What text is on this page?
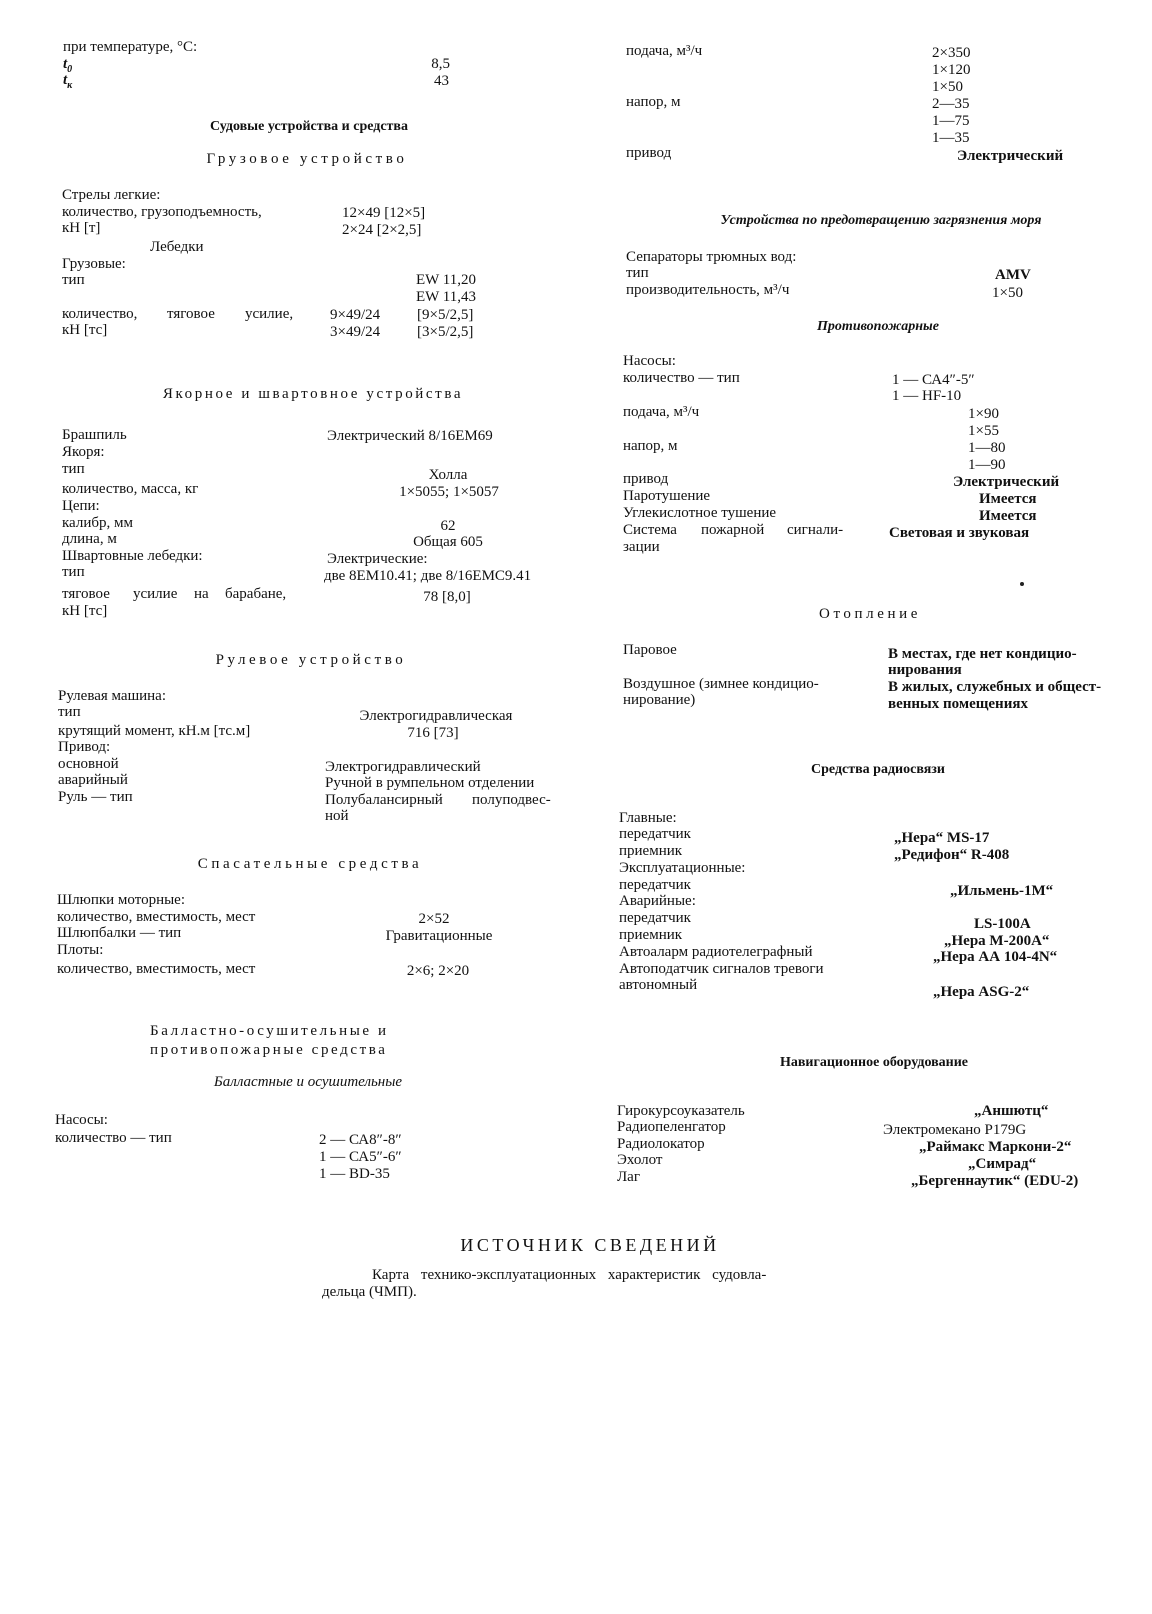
при температуре, °С:
$t_0$	8,5
$t_к$	43
Судовые устройства и средства
Грузовое устройство
Стрелы легкие:
количество, грузоподъемность,
кН [т]
12×49 [12×5]
2×24 [2×2,5]
Лебедки
Грузовые:
тип	EW 11,20
EW 11,43
количество, тяговое усилие,
кН [тс]
9×49/24 [9×5/2,5]
3×49/24 [3×5/2,5]
Якорное и швартовное устройства
Брашпиль	Электрический 8/16ЕМ69
Якоря:
тип	Холла
количество, масса, кг	1×5055; 1×5057
Цепи:
калибр, мм	62
длина, м	Общая 605
Швартовные лебедки:	Электрические:
тип	две 8ЕМ10.41; две 8/16ЕМС9.41
тяговое усилие на барабане,
кН [тс]
78 [8,0]
Рулевое устройство
Рулевая машина:
тип	Электрогидравлическая
крутящий момент, кН.м [тс.м]	716 [73]
Привод:
основной	Электрогидравлический
аварийный	Ручной в румпельном отделении
Руль — тип	Полубалансирный полуподвес-
ной
Спасательные средства
Шлюпки моторные:
количество, вместимость, мест	2×52
Шлюпбалки — тип	Гравитационные
Плоты:
количество, вместимость, мест	2×6; 2×20
Балластно-осушительные и
противопожарные средства
Балластные и осушительные
Насосы:
количество — тип	2 — СА8″-8″
1 — СА5″-6″
1 — BD-35
подача, м³/ч	2×350
1×120
1×50
напор, м	2—35
1—75
1—35
привод	Электрический
Устройства по предотвращению загрязнения моря
Сепараторы трюмных вод:
тип	AMV
производительность, м³/ч	1×50
Противопожарные
Насосы:
количество — тип	1 — СА4″-5″
1 — HF-10
подача, м³/ч	1×90
1×55
напор, м	1—80
1—90
привод	Электрический
Паротушение	Имеется
Углекислотное тушение	Имеется
Система пожарной сигнали-
зации
Световая и звуковая
Отопление
Паровое	В местах, где нет кондицио-
нирования
Воздушное (зимнее кондицио-
нирование)
В жилых, служебных и общест-
венных помещениях
Средства радиосвязи
Главные:
передатчик	„Нера“ MS-17
приемник	„Редифон“ R-408
Эксплуатационные:
передатчик	„Ильмень-1М“
Аварийные:
передатчик	LS-100A
приемник	„Нера М-200А“
Автоаларм радиотелеграфный	„Нера АА 104-4N“
Автоподатчик сигналов тревоги
автономный	„Нера ASG-2“
Навигационное оборудование
Гирокурсоуказатель	„Аншютц“
Радиопеленгатор	Электромеканo Р179G
Радиолокатор	„Раймакс Маркони-2“
Эхолот	„Симрад“
Лаг	„Бергеннаутик“ (EDU-2)
ИСТОЧНИК СВЕДЕНИЙ
Карта технико-эксплуатационных характеристик судовла-
дельца (ЧМП).
